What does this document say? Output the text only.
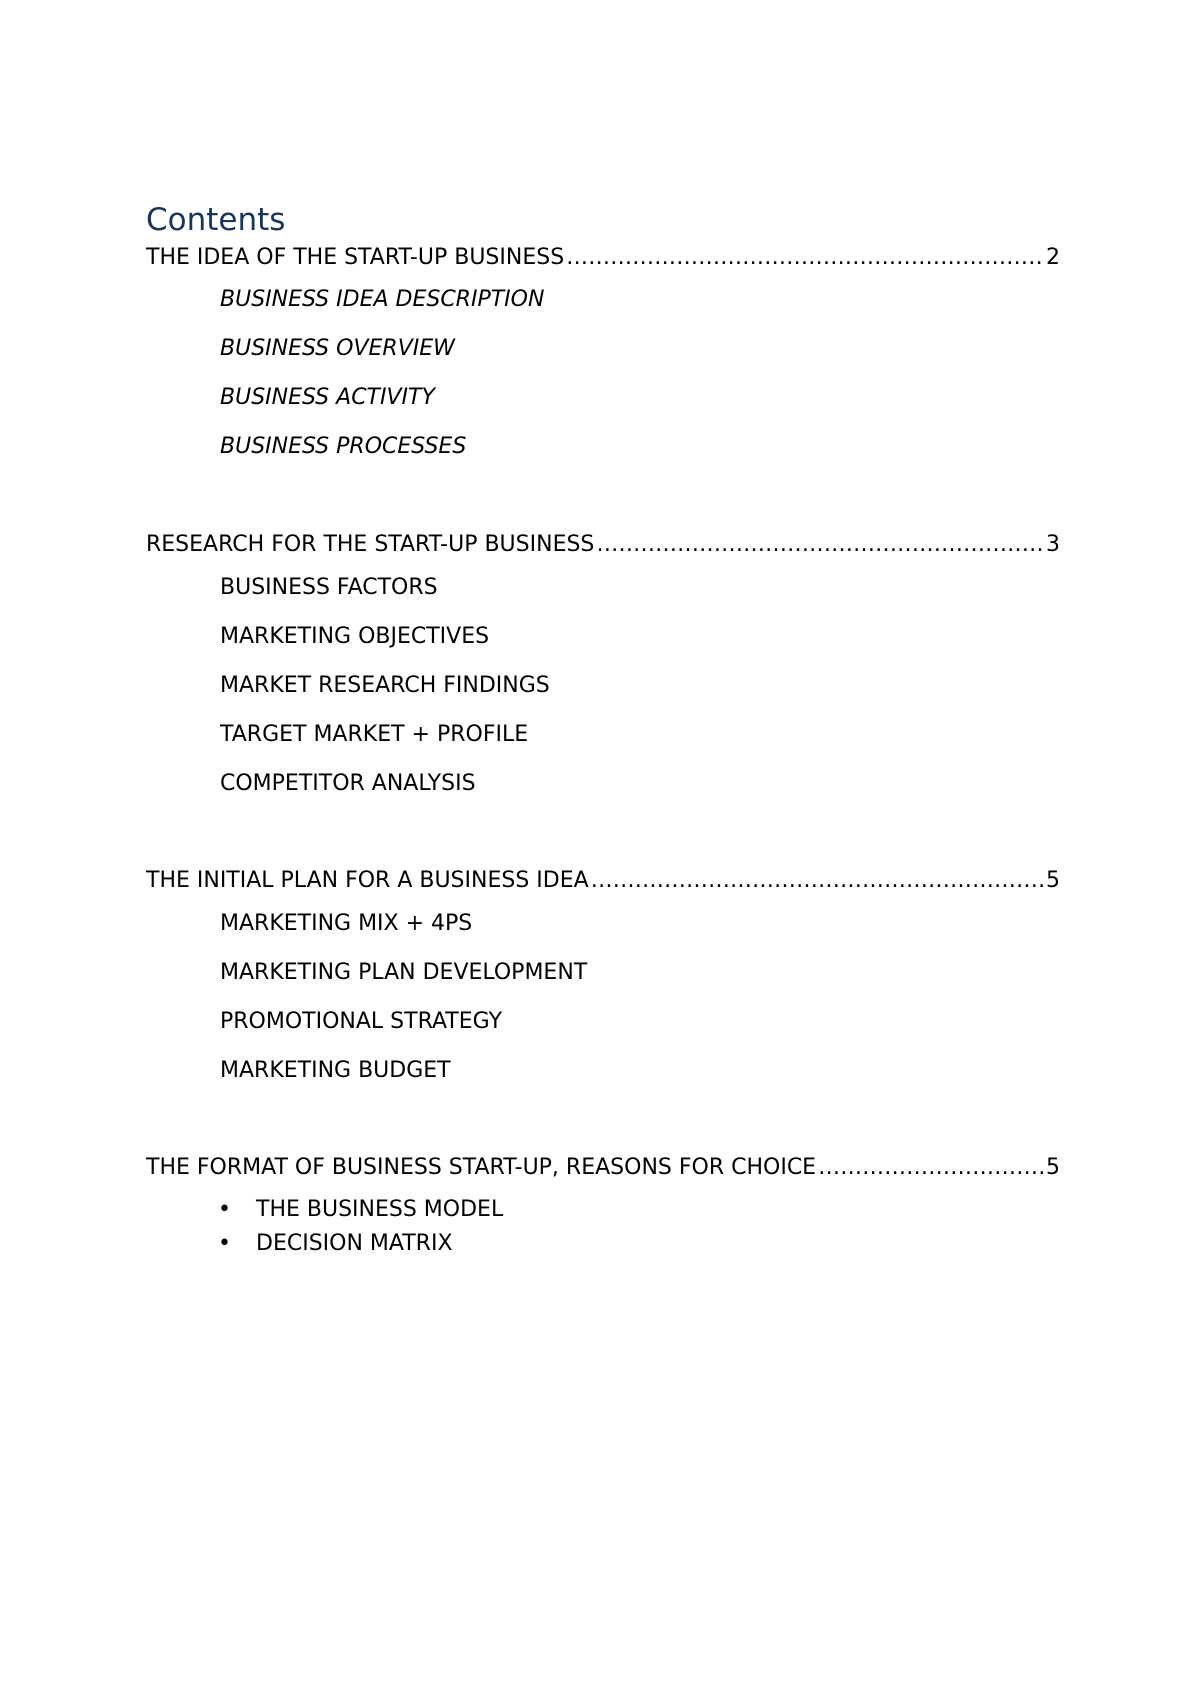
Contents
THE IDEA OF THE START-UP BUSINESS ……………………………………………………………………………………………………………………………………………………………………………………………………………………………………	2
BUSINESS IDEA DESCRIPTION
BUSINESS OVERVIEW
BUSINESS ACTIVITY
BUSINESS PROCESSES
RESEARCH FOR THE START-UP BUSINESS ……………………………………………………………………………………………………………………………………………………………………………………………………………………………………	3
BUSINESS FACTORS
MARKETING OBJECTIVES
MARKET RESEARCH FINDINGS
TARGET MARKET + PROFILE
COMPETITOR ANALYSIS
THE INITIAL PLAN FOR A BUSINESS IDEA ……………………………………………………………………………………………………………………………………………………………………………………………………………………………………	5
MARKETING MIX + 4PS
MARKETING PLAN DEVELOPMENT
PROMOTIONAL STRATEGY
MARKETING BUDGET
THE FORMAT OF BUSINESS START-UP, REASONS FOR CHOICE ……………………………………………………………………………………………………………………………………………………………………………………………………………………………………	5
• THE BUSINESS MODEL
• DECISION MATRIX
